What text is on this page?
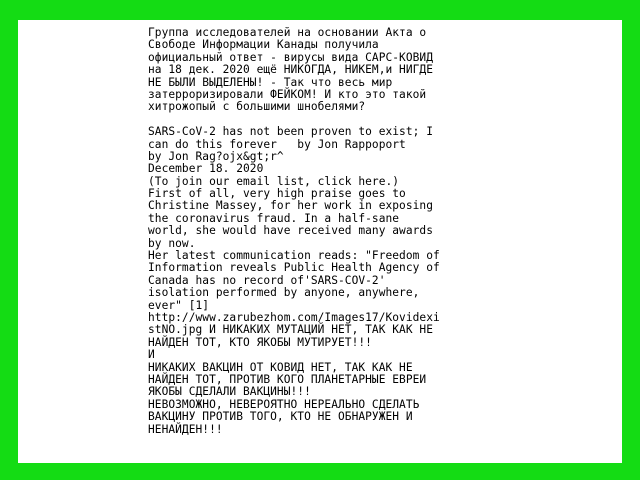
Группа исследователей на основании Акта о
Свободе Информации Канады получила
официальный ответ - вирусы вида САРС-КОВИД
на 18 дек. 2020 ещё НИКОГДА, НИКЕМ,и НИГДЕ
НЕ БЫЛИ ВЫДЕЛЕНЫ! - Так что весь мир
затерроризировали ФЕЙКОМ! И кто это такой
хитрожопый с большими шнобелями?
SARS-CoV-2 has not been proven to exist; I
can do this forever   by Jon Rappoport
by Jon Rag?ojx&gt;r^
December 18. 2020
(To join our email list, click here.)
First of all, very high praise goes to
Christine Massey, for her work in exposing
the coronavirus fraud. In a half-sane
world, she would have received many awards
by now.
Her latest communication reads: "Freedom of
Information reveals Public Health Agency of
Canada has no record of'SARS-COV-2'
isolation performed by anyone, anywhere,
ever" [1]
http://www.zarubezhom.com/Images17/Kovidexi
stNO.jpg И НИКАКИХ МУТАЦИЙ НЕТ, ТАК КАК НЕ
НАЙДЕН ТОТ, КТО ЯКОБЫ МУТИРУЕТ!!!
И
НИКАКИХ ВАКЦИН ОТ КОВИД НЕТ, ТАК КАК НЕ
НАЙДЕН ТОТ, ПРОТИВ КОГО ПЛАНЕТАРНЫЕ ЕВРЕИ
ЯКОБЫ СДЕЛАЛИ ВАКЦИНЫ!!!
НЕВОЗМОЖНО, НЕВЕРОЯТНО НЕРЕАЛЬНО СДЕЛАТЬ
ВАКЦИНУ ПРОТИВ ТОГО, КТО НЕ ОБНАРУЖЕН И
НЕНАЙДЕН!!!
